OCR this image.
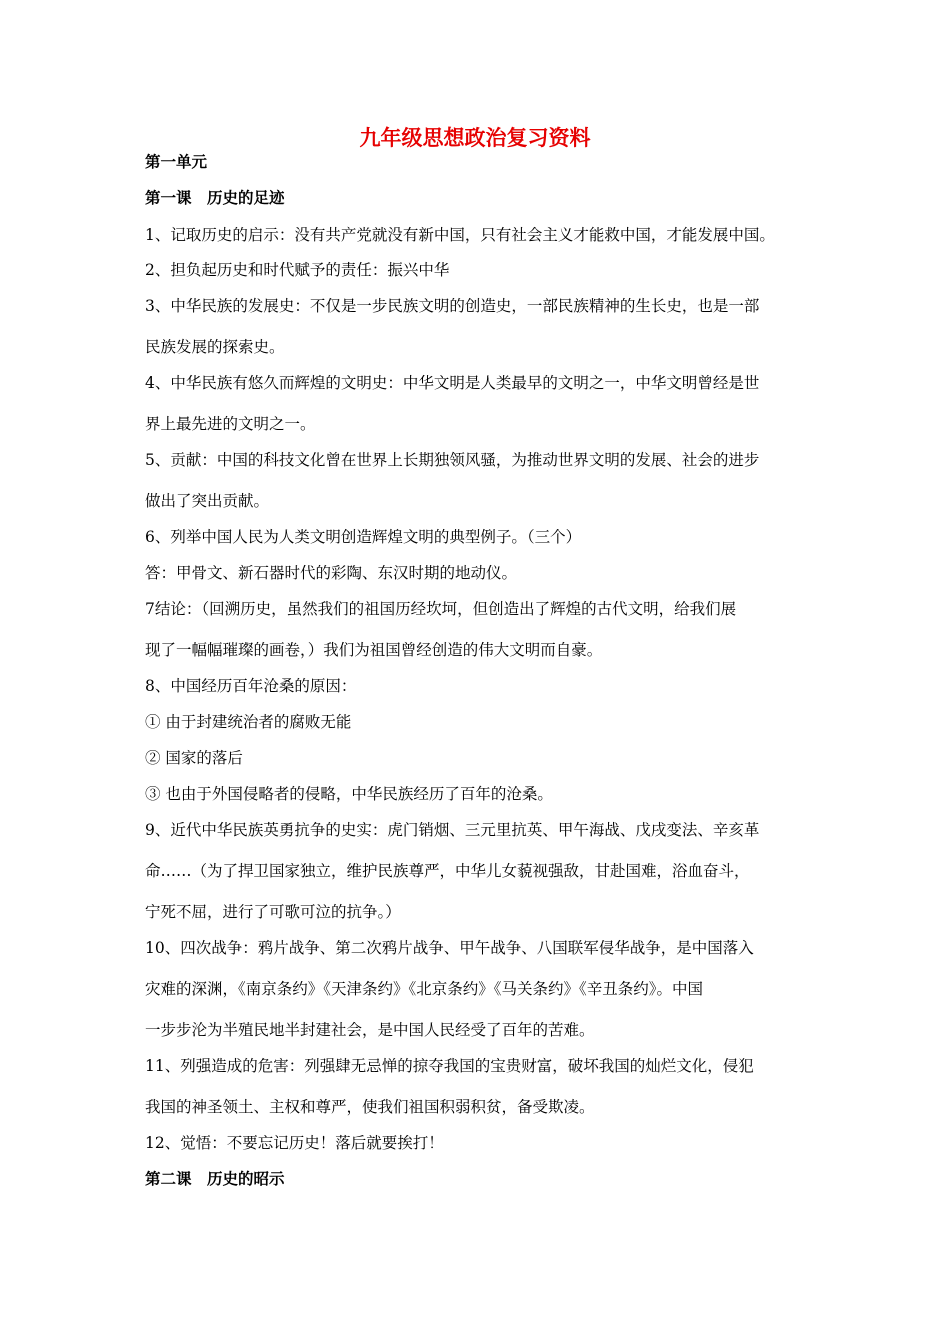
九年级思想政治复习资料
第一单元
第一课　历史的足迹
1、记取历史的启示：没有共产党就没有新中国，只有社会主义才能救中国，才能发展中国。
2、担负起历史和时代赋予的责任：振兴中华
3、中华民族的发展史：不仅是一步民族文明的创造史，一部民族精神的生长史，也是一部
民族发展的探索史。
4、中华民族有悠久而辉煌的文明史：中华文明是人类最早的文明之一，中华文明曾经是世
界上最先进的文明之一。
5、贡献：中国的科技文化曾在世界上长期独领风骚，为推动世界文明的发展、社会的进步
做出了突出贡献。
6、列举中国人民为人类文明创造辉煌文明的典型例子。（三个）
答：甲骨文、新石器时代的彩陶、东汉时期的地动仪。
7结论：（回溯历史，虽然我们的祖国历经坎坷，但创造出了辉煌的古代文明，给我们展
现了一幅幅璀璨的画卷，）我们为祖国曾经创造的伟大文明而自豪。
8、中国经历百年沧桑的原因：
① 由于封建统治者的腐败无能
② 国家的落后
③ 也由于外国侵略者的侵略，中华民族经历了百年的沧桑。
9、近代中华民族英勇抗争的史实：虎门销烟、三元里抗英、甲午海战、戊戌变法、辛亥革
命……（为了捍卫国家独立，维护民族尊严，中华儿女藐视强敌，甘赴国难，浴血奋斗，
宁死不屈，进行了可歌可泣的抗争。）
10、四次战争：鸦片战争、第二次鸦片战争、甲午战争、八国联军侵华战争，是中国落入
灾难的深渊，《南京条约》《天津条约》《北京条约》《马关条约》《辛丑条约》。中国
一步步沦为半殖民地半封建社会，是中国人民经受了百年的苦难。
11、列强造成的危害：列强肆无忌惮的掠夺我国的宝贵财富，破坏我国的灿烂文化，侵犯
我国的神圣领土、主权和尊严，使我们祖国积弱积贫，备受欺凌。
12、觉悟：不要忘记历史！落后就要挨打！
第二课　历史的昭示
